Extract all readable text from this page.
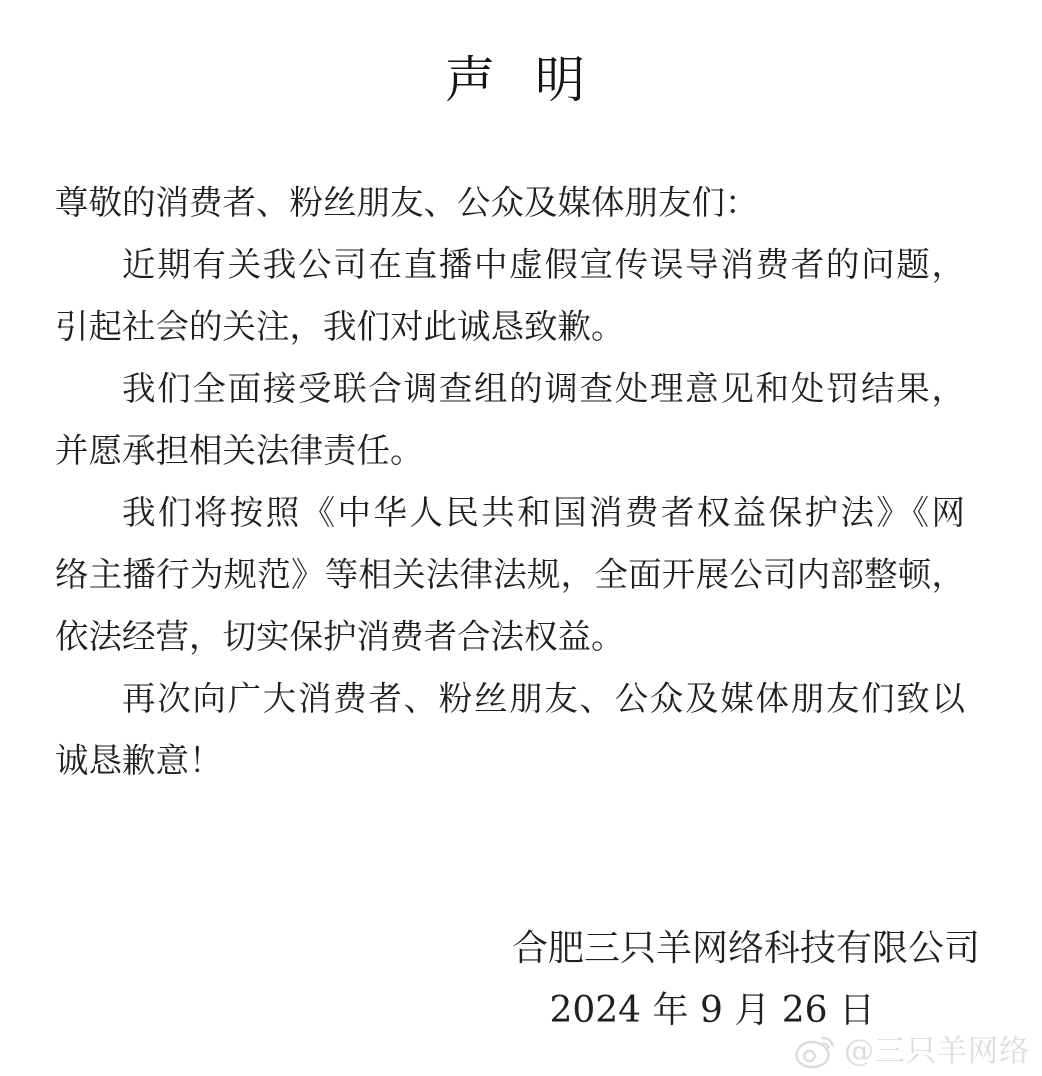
声 明
尊敬的消费者、粉丝朋友、公众及媒体朋友们：
近期有关我公司在直播中虚假宣传误导消费者的问题，
引起社会的关注，我们对此诚恳致歉。
我们全面接受联合调查组的调查处理意见和处罚结果，
并愿承担相关法律责任。
我们将按照《中华人民共和国消费者权益保护法》《网
络主播行为规范》等相关法律法规，全面开展公司内部整顿，
依法经营，切实保护消费者合法权益。
再次向广大消费者、粉丝朋友、公众及媒体朋友们致以
诚恳歉意！
合肥三只羊网络科技有限公司
2024 年 9 月 26 日
@三只羊网络
